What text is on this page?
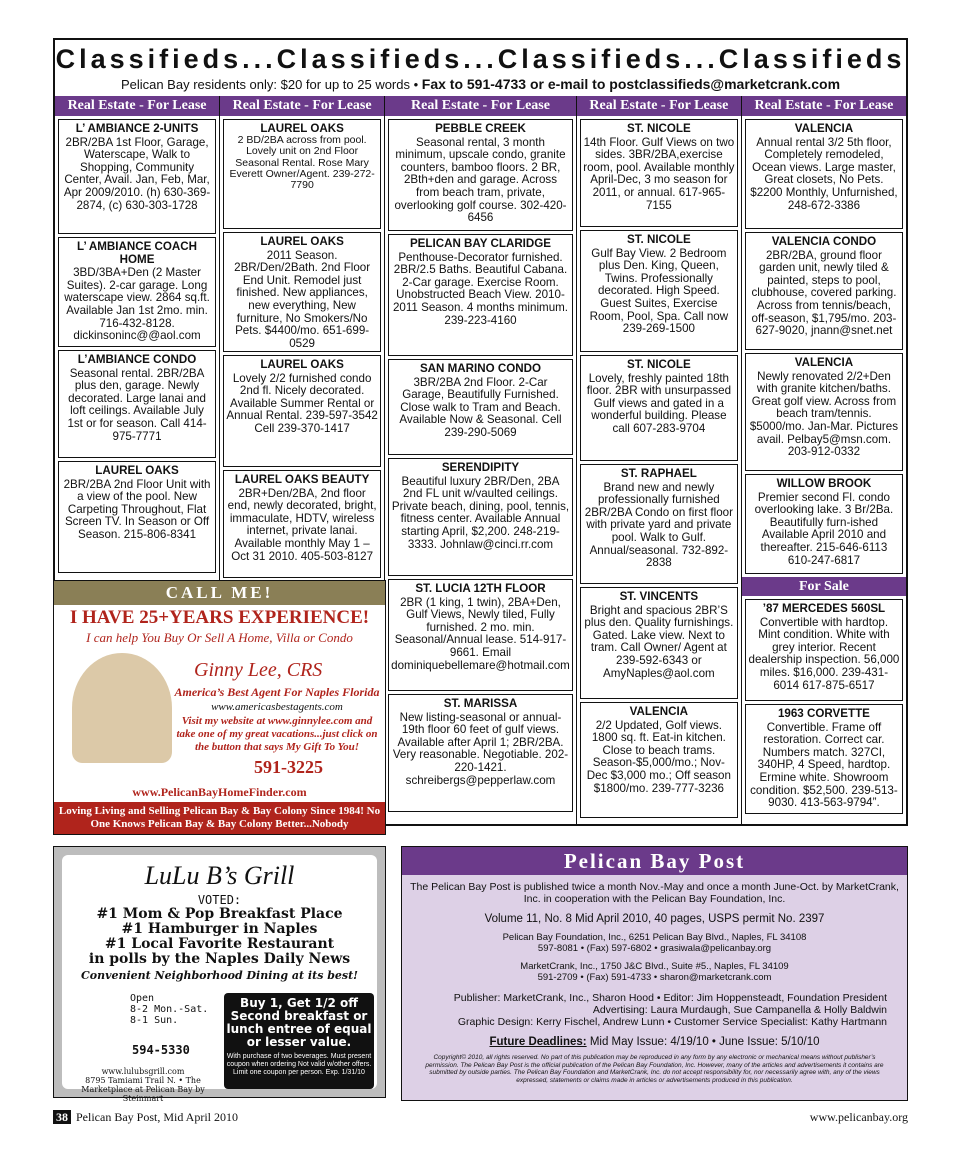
Classifieds...Classifieds...Classifieds...Classifieds
Pelican Bay residents only: $20 for up to 25 words • Fax to 591-4733 or e-mail to postclassifieds@marketcrank.com
Real Estate - For Lease
L’ AMBIANCE 2-UNITS
2BR/2BA 1st Floor, Garage, Waterscape, Walk to Shopping, Community Center, Avail. Jan, Feb, Mar, Apr 2009/2010. (h) 630-369-2874, (c) 630-303-1728
L’ AMBIANCE COACH HOME
3BD/3BA+Den (2 Master Suites). 2-car garage. Long waterscape view. 2864 sq.ft. Available Jan 1st 2mo. min. 716-432-8128. dickinsoninc@@aol.com
L’AMBIANCE CONDO
Seasonal rental. 2BR/2BA plus den, garage. Newly decorated. Large lanai and loft ceilings. Available July 1st or for season. Call 414-975-7771
LAUREL OAKS
2BR/2BA 2nd Floor Unit with a view of the pool. New Carpeting Throughout, Flat Screen TV. In Season or Off Season. 215-806-8341
Real Estate - For Lease
LAUREL OAKS
2 BD/2BA across from pool. Lovely unit on 2nd Floor Seasonal Rental. Rose Mary Everett Owner/Agent. 239-272-7790
LAUREL OAKS
2011 Season. 2BR/Den/2Bath. 2nd Floor End Unit. Remodel just finished. New appliances, new everything, New furniture, No Smokers/No Pets. $4400/mo. 651-699-0529
LAUREL OAKS
Lovely 2/2 furnished condo 2nd fl. Nicely decorated. Available Summer Rental or Annual Rental. 239-597-3542 Cell 239-370-1417
LAUREL OAKS BEAUTY
2BR+Den/2BA, 2nd floor end, newly decorated, bright, immaculate, HDTV, wireless internet, private lanai. Available monthly May 1 – Oct 31 2010. 405-503-8127
Real Estate - For Lease
PEBBLE CREEK
Seasonal rental, 3 month minimum, upscale condo, granite counters, bamboo floors. 2 BR, 2Bth+den and garage. Across from beach tram, private, overlooking golf course. 302-420-6456
PELICAN BAY CLARIDGE
Penthouse-Decorator furnished. 2BR/2.5 Baths. Beautiful Cabana. 2-Car garage. Exercise Room. Unobstructed Beach View. 2010-2011 Season. 4 months minimum. 239-223-4160
SAN MARINO CONDO
3BR/2BA 2nd Floor. 2-Car Garage, Beautifully Furnished. Close walk to Tram and Beach. Available Now & Seasonal. Cell 239-290-5069
SERENDIPITY
Beautiful luxury 2BR/Den, 2BA 2nd FL unit w/vaulted ceilings. Private beach, dining, pool, tennis, fitness center. Available Annual starting April, $2,200. 248-219-3333. Johnlaw@cinci.rr.com
ST. LUCIA 12TH FLOOR
2BR (1 king, 1 twin), 2BA+Den, Gulf Views, Newly tiled, Fully furnished. 2 mo. min. Seasonal/Annual lease. 514-917-9661. Email dominiquebellemare@hotmail.com
ST. MARISSA
New listing-seasonal or annual-19th floor 60 feet of gulf views. Available after April 1; 2BR/2BA. Very reasonable. Negotiable. 202-220-1421. schreibergs@pepperlaw.com
Real Estate - For Lease
ST. NICOLE
14th Floor. Gulf Views on two sides. 3BR/2BA,exercise room, pool. Available monthly April-Dec, 3 mo season for 2011, or annual. 617-965-7155
ST. NICOLE
Gulf Bay View. 2 Bedroom plus Den. King, Queen, Twins. Professionally decorated. High Speed. Guest Suites, Exercise Room, Pool, Spa. Call now 239-269-1500
ST. NICOLE
Lovely, freshly painted 18th floor. 2BR with unsurpassed Gulf views and gated in a wonderful building. Please call 607-283-9704
ST. RAPHAEL
Brand new and newly professionally furnished 2BR/2BA Condo on first floor with private yard and private pool. Walk to Gulf. Annual/seasonal. 732-892-2838
ST. VINCENTS
Bright and spacious 2BR’S plus den. Quality furnishings. Gated. Lake view. Next to tram. Call Owner/ Agent at 239-592-6343 or AmyNaples@aol.com
VALENCIA
2/2 Updated, Golf views. 1800 sq. ft. Eat-in kitchen. Close to beach trams. Season-$5,000/mo.; Nov-Dec $3,000 mo.; Off season $1800/mo. 239-777-3236
Real Estate - For Lease
VALENCIA
Annual rental 3/2 5th floor, Completely remodeled, Ocean views. Large master, Great closets, No Pets. $2200 Monthly, Unfurnished, 248-672-3386
VALENCIA CONDO
2BR/2BA, ground floor garden unit, newly tiled & painted, steps to pool, clubhouse, covered parking. Across from tennis/beach, off-season, $1,795/mo. 203-627-9020, jnann@snet.net
VALENCIA
Newly renovated 2/2+Den with granite kitchen/baths. Great golf view. Across from beach tram/tennis. $5000/mo. Jan-Mar. Pictures avail. Pelbay5@msn.com. 203-912-0332
WILLOW BROOK
Premier second Fl. condo overlooking lake. 3 Br/2Ba. Beautifully furn-ished Available April 2010 and thereafter. 215-646-6113 610-247-6817
For Sale
’87 MERCEDES 560SL
Convertible with hardtop. Mint condition. White with grey interior. Recent dealership inspection. 56,000 miles. $16,000. 239-431-6014 617-875-6517
1963 CORVETTE
Convertible. Frame off restoration. Correct car. Numbers match. 327CI, 340HP, 4 Speed, hardtop. Ermine white. Showroom condition. $52,500. 239-513-9030. 413-563-9794”.
CALL ME!
I HAVE 25+YEARS EXPERIENCE!
I can help You Buy Or Sell A Home, Villa or Condo
Ginny Lee, CRS
America’s Best Agent For Naples Florida
www.americasbestagents.com
Visit my website at www.ginnylee.com and take one of my great vacations...just click on the button that says My Gift To You!
591-3225
www.PelicanBayHomeFinder.com
Loving Living and Selling Pelican Bay & Bay Colony Since 1984! No One Knows Pelican Bay & Bay Colony Better...Nobody
LuLu B’s Grill
VOTED:
#1 Mom & Pop Breakfast Place
#1 Hamburger in Naples
#1 Local Favorite Restaurant
in polls by the Naples Daily News
Convenient Neighborhood Dining at its best!
Open
8-2 Mon.-Sat.
8-1 Sun.
594-5330
www.lulubsgrill.com
8795 Tamiami Trail N. • The Marketplace at Pelican Bay by Steinmart
Buy 1, Get 1/2 off Second breakfast or lunch entree of equal or lesser value.
With purchase of two beverages. Must present coupon when ordering Not valid w/other offers. Limit one coupon per person. Exp. 1/31/10
Pelican Bay Post
The Pelican Bay Post is published twice a month Nov.-May and once a month June-Oct. by MarketCrank, Inc. in cooperation with the Pelican Bay Foundation, Inc.
Volume 11, No. 8 Mid April 2010, 40 pages, USPS permit No. 2397
Pelican Bay Foundation, Inc., 6251 Pelican Bay Blvd., Naples, FL 34108
597-8081 • (Fax) 597-6802 • grasiwala@pelicanbay.org
MarketCrank, Inc., 1750 J&C Blvd., Suite #5., Naples, FL 34109
591-2709 • (Fax) 591-4733 • sharon@marketcrank.com
Publisher: MarketCrank, Inc., Sharon Hood • Editor: Jim Hoppensteadt, Foundation President
Advertising: Laura Murdaugh, Sue Campanella & Holly Baldwin
Graphic Design: Kerry Fischel, Andrew Lunn • Customer Service Specialist: Kathy Hartmann
Future Deadlines: Mid May Issue: 4/19/10 • June Issue: 5/10/10
Copyright© 2010, all rights reserved. No part of this publication may be reproduced in any form by any electronic or mechanical means without publisher’s permission. The Pelican Bay Post is the official publication of the Pelican Bay Foundation, Inc. However, many of the articles and advertisements it contains are submitted by outside parties. The Pelican Bay Foundation and MarketCrank, Inc. do not accept responsibility for, nor necessarily agree with, any of the views expressed, statements or claims made in articles or advertisements produced in this publication.
38 Pelican Bay Post, Mid April 2010	www.pelicanbay.org
